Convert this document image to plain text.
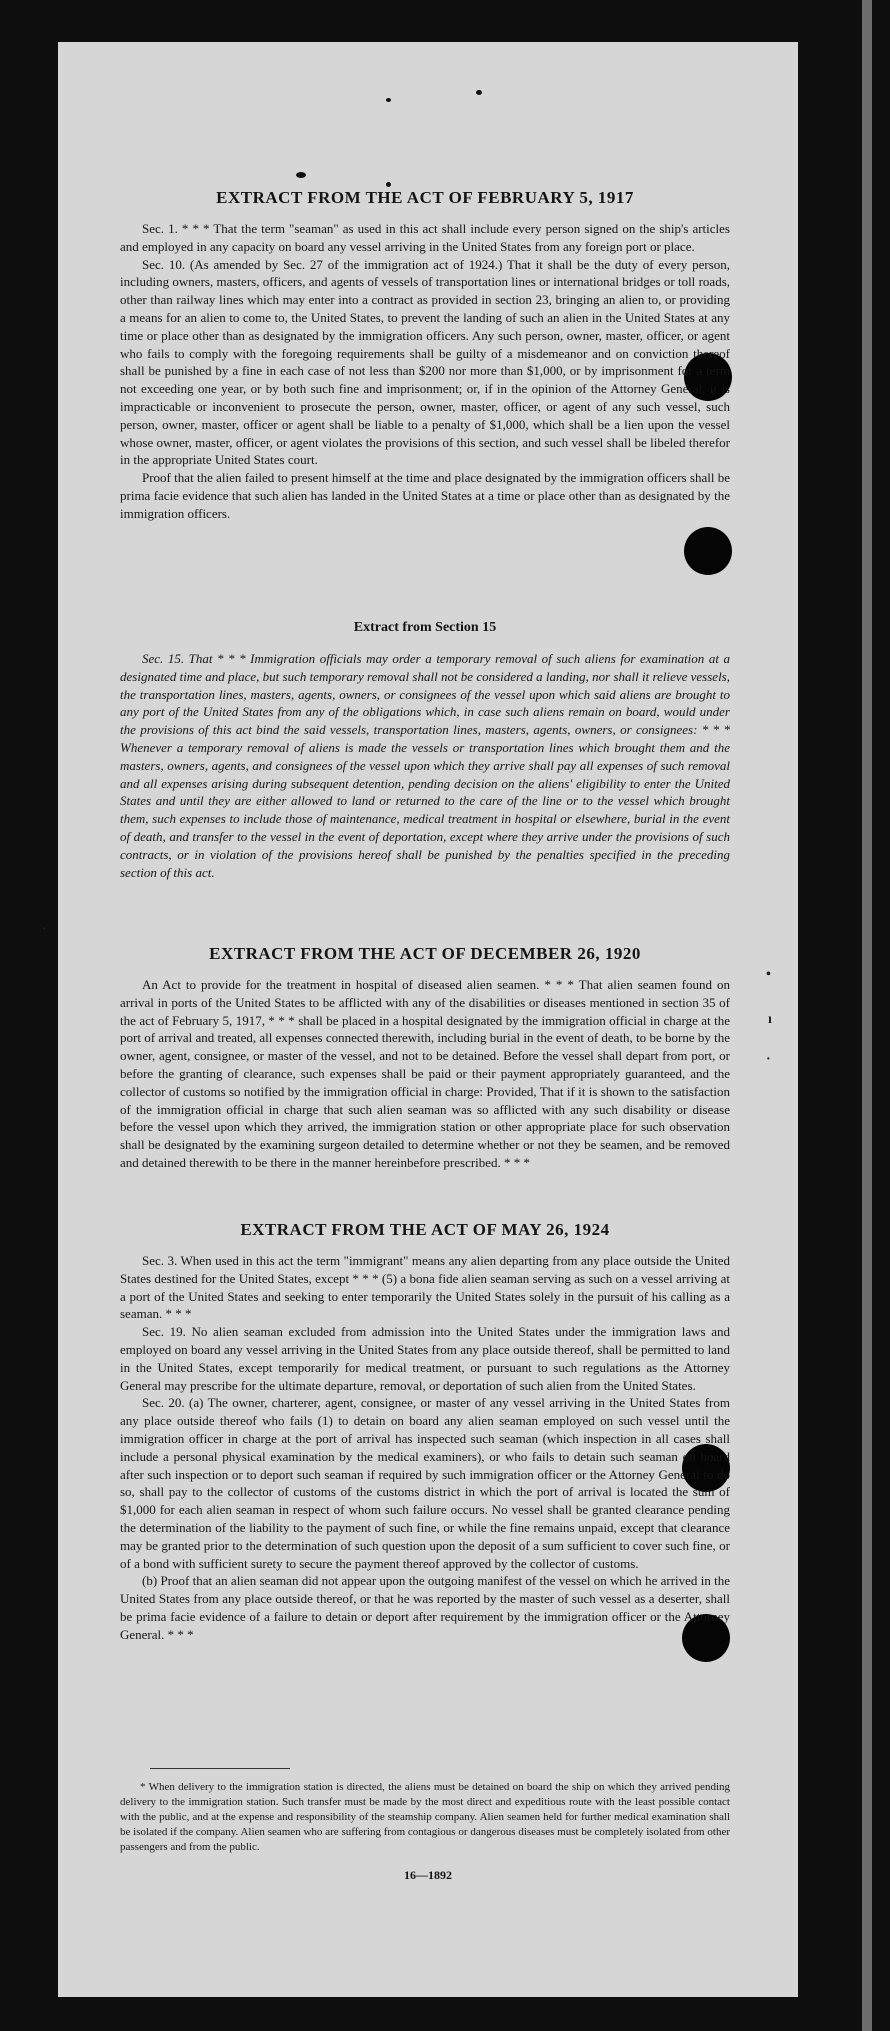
·
•
ı
·
EXTRACT FROM THE ACT OF FEBRUARY 5, 1917

Sec. 1. * * * That the term "seaman" as used in this act shall include every person signed on the ship's articles and employed in any capacity on board any vessel arriving in the United States from any foreign port or place.

Sec. 10. (As amended by Sec. 27 of the immigration act of 1924.) That it shall be the duty of every person, including owners, masters, officers, and agents of vessels of transportation lines or international bridges or toll roads, other than railway lines which may enter into a contract as provided in section 23, bringing an alien to, or providing a means for an alien to come to, the United States, to prevent the landing of such an alien in the United States at any time or place other than as designated by the immigration officers. Any such person, owner, master, officer, or agent who fails to comply with the foregoing requirements shall be guilty of a misdemeanor and on conviction thereof shall be punished by a fine in each case of not less than $200 nor more than $1,000, or by imprisonment for a term not exceeding one year, or by both such fine and imprisonment; or, if in the opinion of the Attorney General, it is impracticable or inconvenient to prosecute the person, owner, master, officer, or agent of any such vessel, such person, owner, master, officer or agent shall be liable to a penalty of $1,000, which shall be a lien upon the vessel whose owner, master, officer, or agent violates the provisions of this section, and such vessel shall be libeled therefor in the appropriate United States court.

Proof that the alien failed to present himself at the time and place designated by the immigration officers shall be prima facie evidence that such alien has landed in the United States at a time or place other than as designated by the immigration officers.

Extract from Section 15

Sec. 15. That * * * Immigration officials may order a temporary removal of such aliens for examination at a designated time and place, but such temporary removal shall not be considered a landing, nor shall it relieve vessels, the transportation lines, masters, agents, owners, or consignees of the vessel upon which said aliens are brought to any port of the United States from any of the obligations which, in case such aliens remain on board, would under the provisions of this act bind the said vessels, transportation lines, masters, agents, owners, or consignees: * * * Whenever a temporary removal of aliens is made the vessels or transportation lines which brought them and the masters, owners, agents, and consignees of the vessel upon which they arrive shall pay all expenses of such removal and all expenses arising during subsequent detention, pending decision on the aliens' eligibility to enter the United States and until they are either allowed to land or returned to the care of the line or to the vessel which brought them, such expenses to include those of maintenance, medical treatment in hospital or elsewhere, burial in the event of death, and transfer to the vessel in the event of deportation, except where they arrive under the provisions of such contracts, or in violation of the provisions hereof shall be punished by the penalties specified in the preceding section of this act.

EXTRACT FROM THE ACT OF DECEMBER 26, 1920

An Act to provide for the treatment in hospital of diseased alien seamen. * * * That alien seamen found on arrival in ports of the United States to be afflicted with any of the disabilities or diseases mentioned in section 35 of the act of February 5, 1917, * * * shall be placed in a hospital designated by the immigration official in charge at the port of arrival and treated, all expenses connected therewith, including burial in the event of death, to be borne by the owner, agent, consignee, or master of the vessel, and not to be detained. Before the vessel shall depart from port, or before the granting of clearance, such expenses shall be paid or their payment appropriately guaranteed, and the collector of customs so notified by the immigration official in charge: Provided, That if it is shown to the satisfaction of the immigration official in charge that such alien seaman was so afflicted with any such disability or disease before the vessel upon which they arrived, the immigration station or other appropriate place for such observation shall be designated by the examining surgeon detailed to determine whether or not they be seamen, and be removed and detained therewith to be there in the manner hereinbefore prescribed. * * *

EXTRACT FROM THE ACT OF MAY 26, 1924

Sec. 3. When used in this act the term "immigrant" means any alien departing from any place outside the United States destined for the United States, except * * * (5) a bona fide alien seaman serving as such on a vessel arriving at a port of the United States and seeking to enter temporarily the United States solely in the pursuit of his calling as a seaman. * * *

Sec. 19. No alien seaman excluded from admission into the United States under the immigration laws and employed on board any vessel arriving in the United States from any place outside thereof, shall be permitted to land in the United States, except temporarily for medical treatment, or pursuant to such regulations as the Attorney General may prescribe for the ultimate departure, removal, or deportation of such alien from the United States.

Sec. 20. (a) The owner, charterer, agent, consignee, or master of any vessel arriving in the United States from any place outside thereof who fails (1) to detain on board any alien seaman employed on such vessel until the immigration officer in charge at the port of arrival has inspected such seaman (which inspection in all cases shall include a personal physical examination by the medical examiners), or who fails to detain such seaman on board after such inspection or to deport such seaman if required by such immigration officer or the Attorney General to do so, shall pay to the collector of customs of the customs district in which the port of arrival is located the sum of $1,000 for each alien seaman in respect of whom such failure occurs. No vessel shall be granted clearance pending the determination of the liability to the payment of such fine, or while the fine remains unpaid, except that clearance may be granted prior to the determination of such question upon the deposit of a sum sufficient to cover such fine, or of a bond with sufficient surety to secure the payment thereof approved by the collector of customs.

(b) Proof that an alien seaman did not appear upon the outgoing manifest of the vessel on which he arrived in the United States from any place outside thereof, or that he was reported by the master of such vessel as a deserter, shall be prima facie evidence of a failure to detain or deport after requirement by the immigration officer or the Attorney General. * * *

* When delivery to the immigration station is directed, the aliens must be detained on board the ship on which they arrived pending delivery to the immigration station. Such transfer must be made by the most direct and expeditious route with the least possible contact with the public, and at the expense and responsibility of the steamship company. Alien seamen held for further medical examination shall be isolated if the company. Alien seamen who are suffering from contagious or dangerous diseases must be completely isolated from other passengers and from the public.

16—1892
